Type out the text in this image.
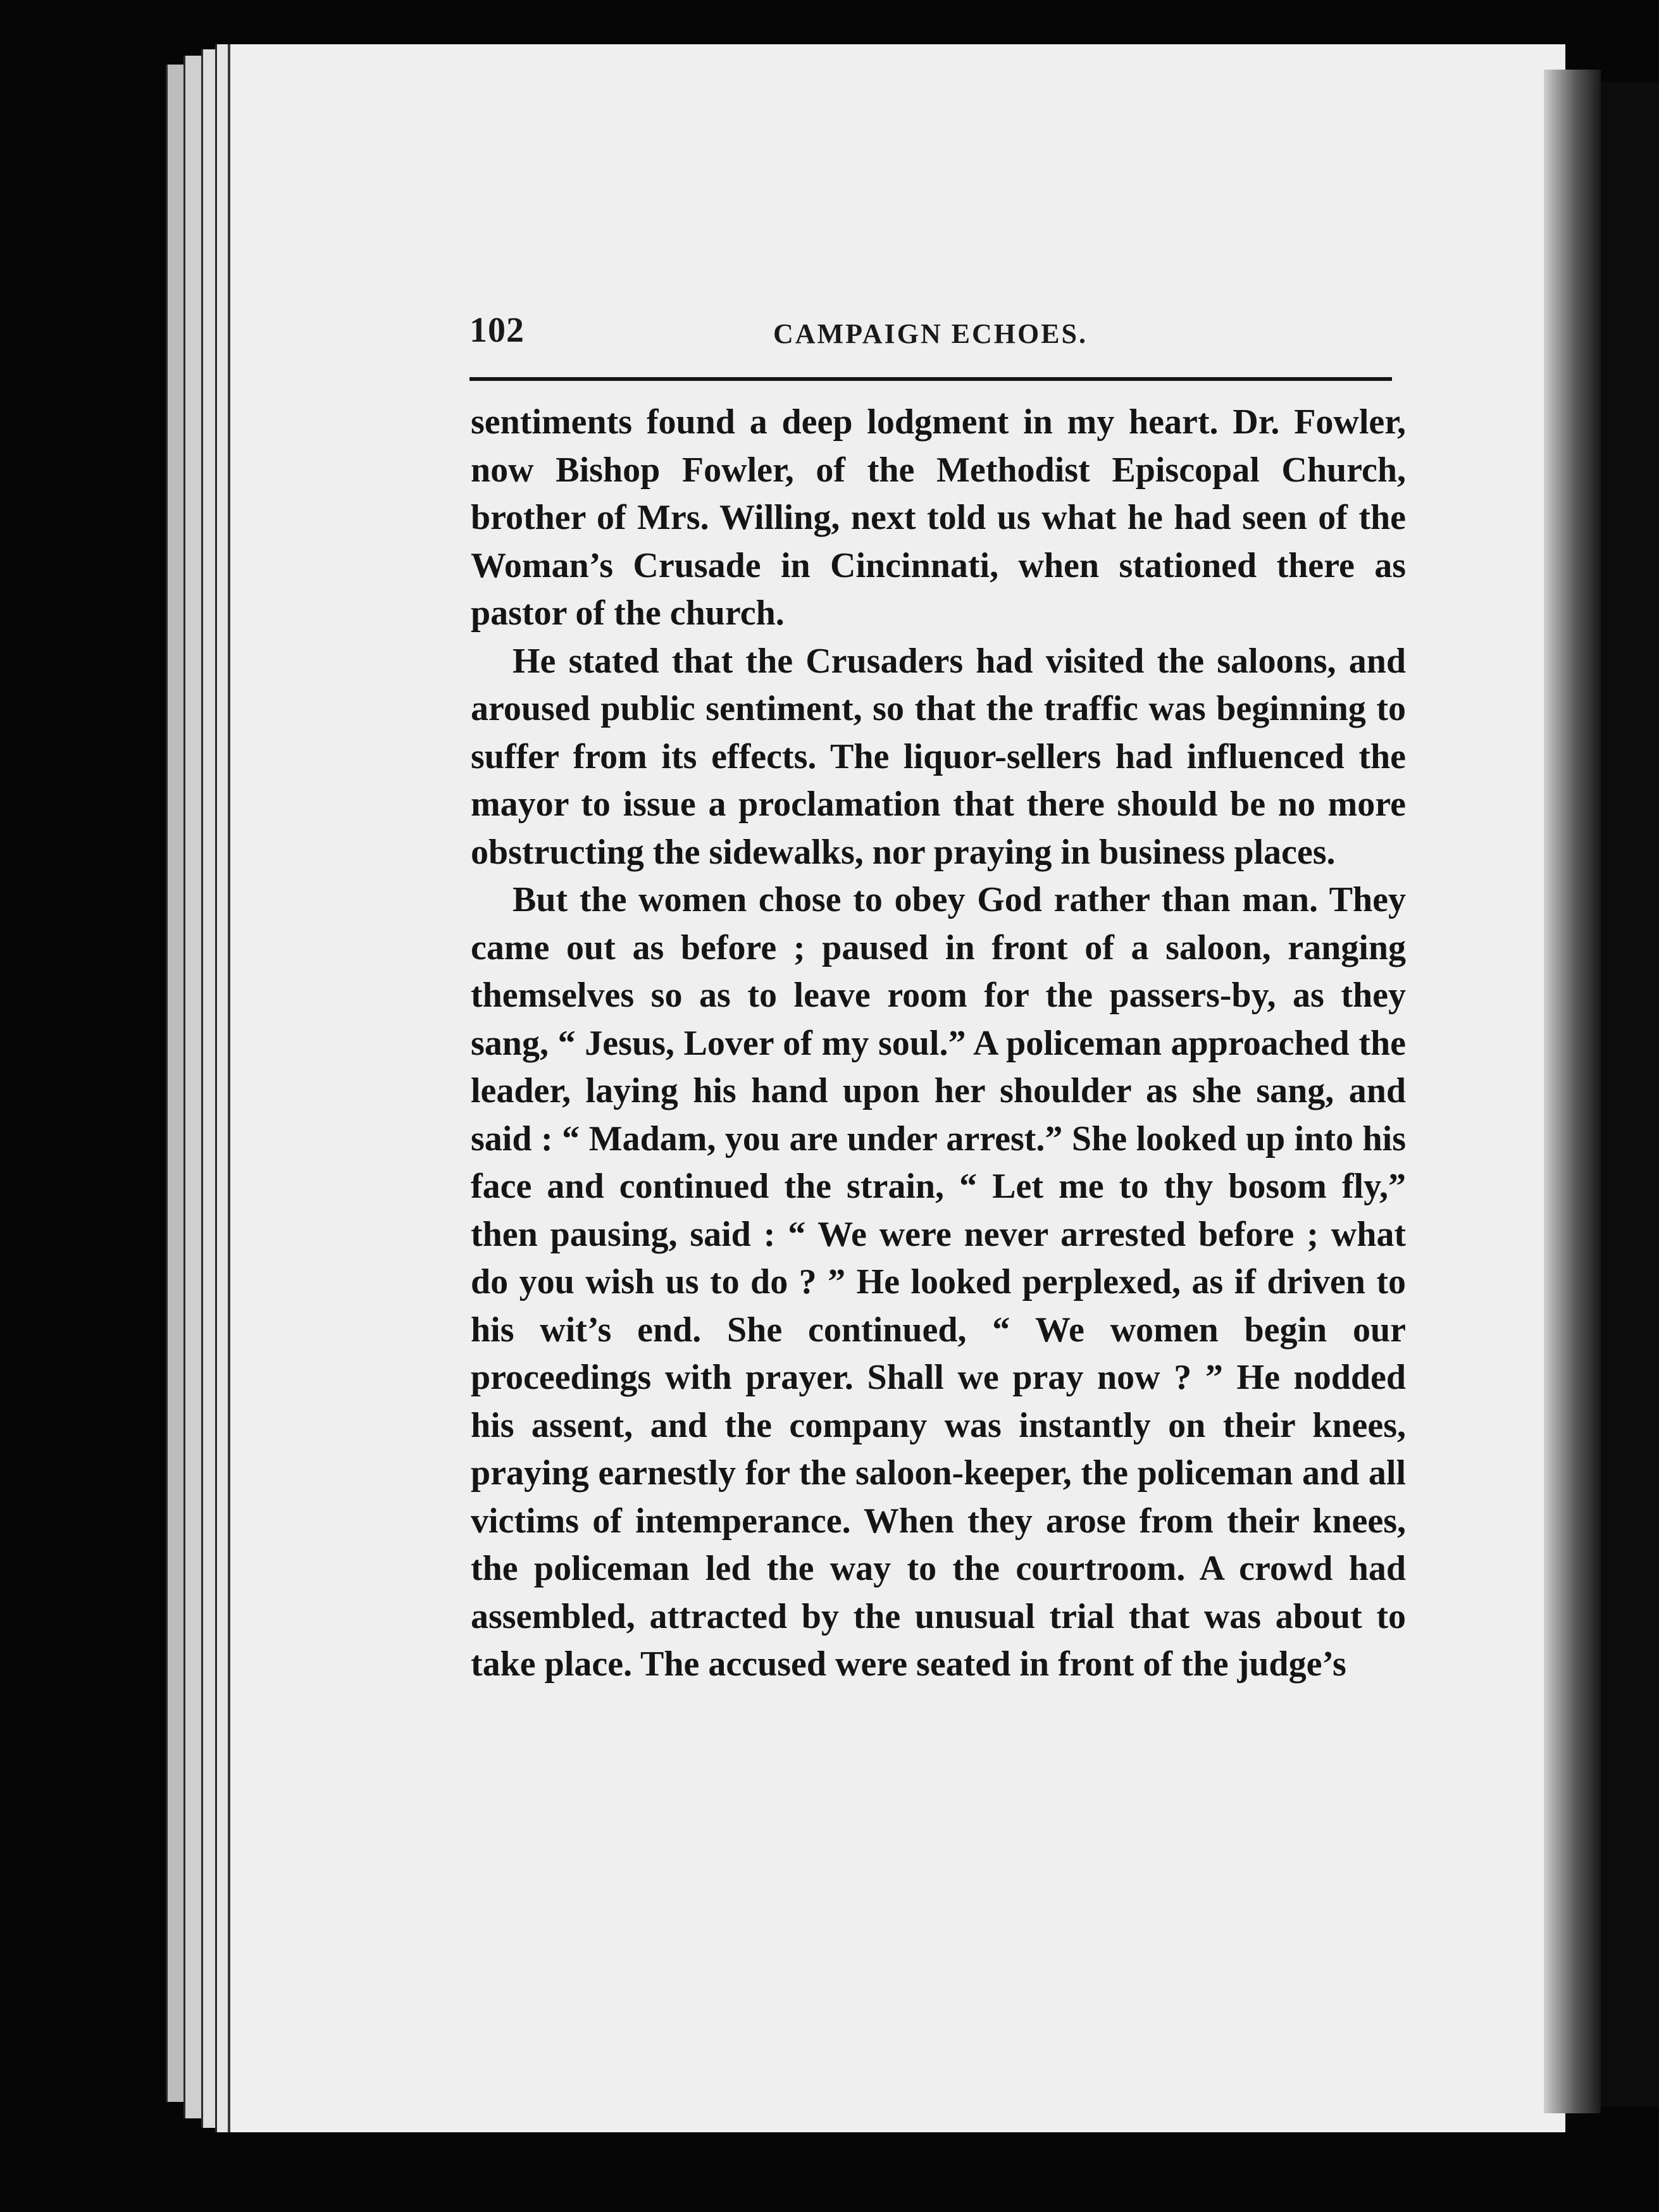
102	CAMPAIGN ECHOES.

sentiments found a deep lodgment in my heart. Dr. Fowler, now Bishop Fowler, of the Methodist Episcopal Church, brother of Mrs. Willing, next told us what he had seen of the Woman’s Crusade in Cincinnati, when stationed there as pastor of the church.

He stated that the Crusaders had visited the saloons, and aroused public sentiment, so that the traffic was beginning to suffer from its effects. The liquor-sellers had influenced the mayor to issue a proclamation that there should be no more obstructing the sidewalks, nor praying in business places.

But the women chose to obey God rather than man. They came out as before ; paused in front of a saloon, ranging themselves so as to leave room for the passers-by, as they sang, “ Jesus, Lover of my soul.” A policeman approached the leader, laying his hand upon her shoulder as she sang, and said : “ Madam, you are under arrest.” She looked up into his face and continued the strain, “ Let me to thy bosom fly,” then pausing, said : “ We were never arrested before ; what do you wish us to do ? ” He looked perplexed, as if driven to his wit’s end. She continued, “ We women begin our proceedings with prayer. Shall we pray now ? ” He nodded his assent, and the company was instantly on their knees, praying earnestly for the saloon-keeper, the policeman and all victims of intemperance. When they arose from their knees, the policeman led the way to the courtroom. A crowd had assembled, attracted by the unusual trial that was about to take place. The accused were seated in front of the judge’s
